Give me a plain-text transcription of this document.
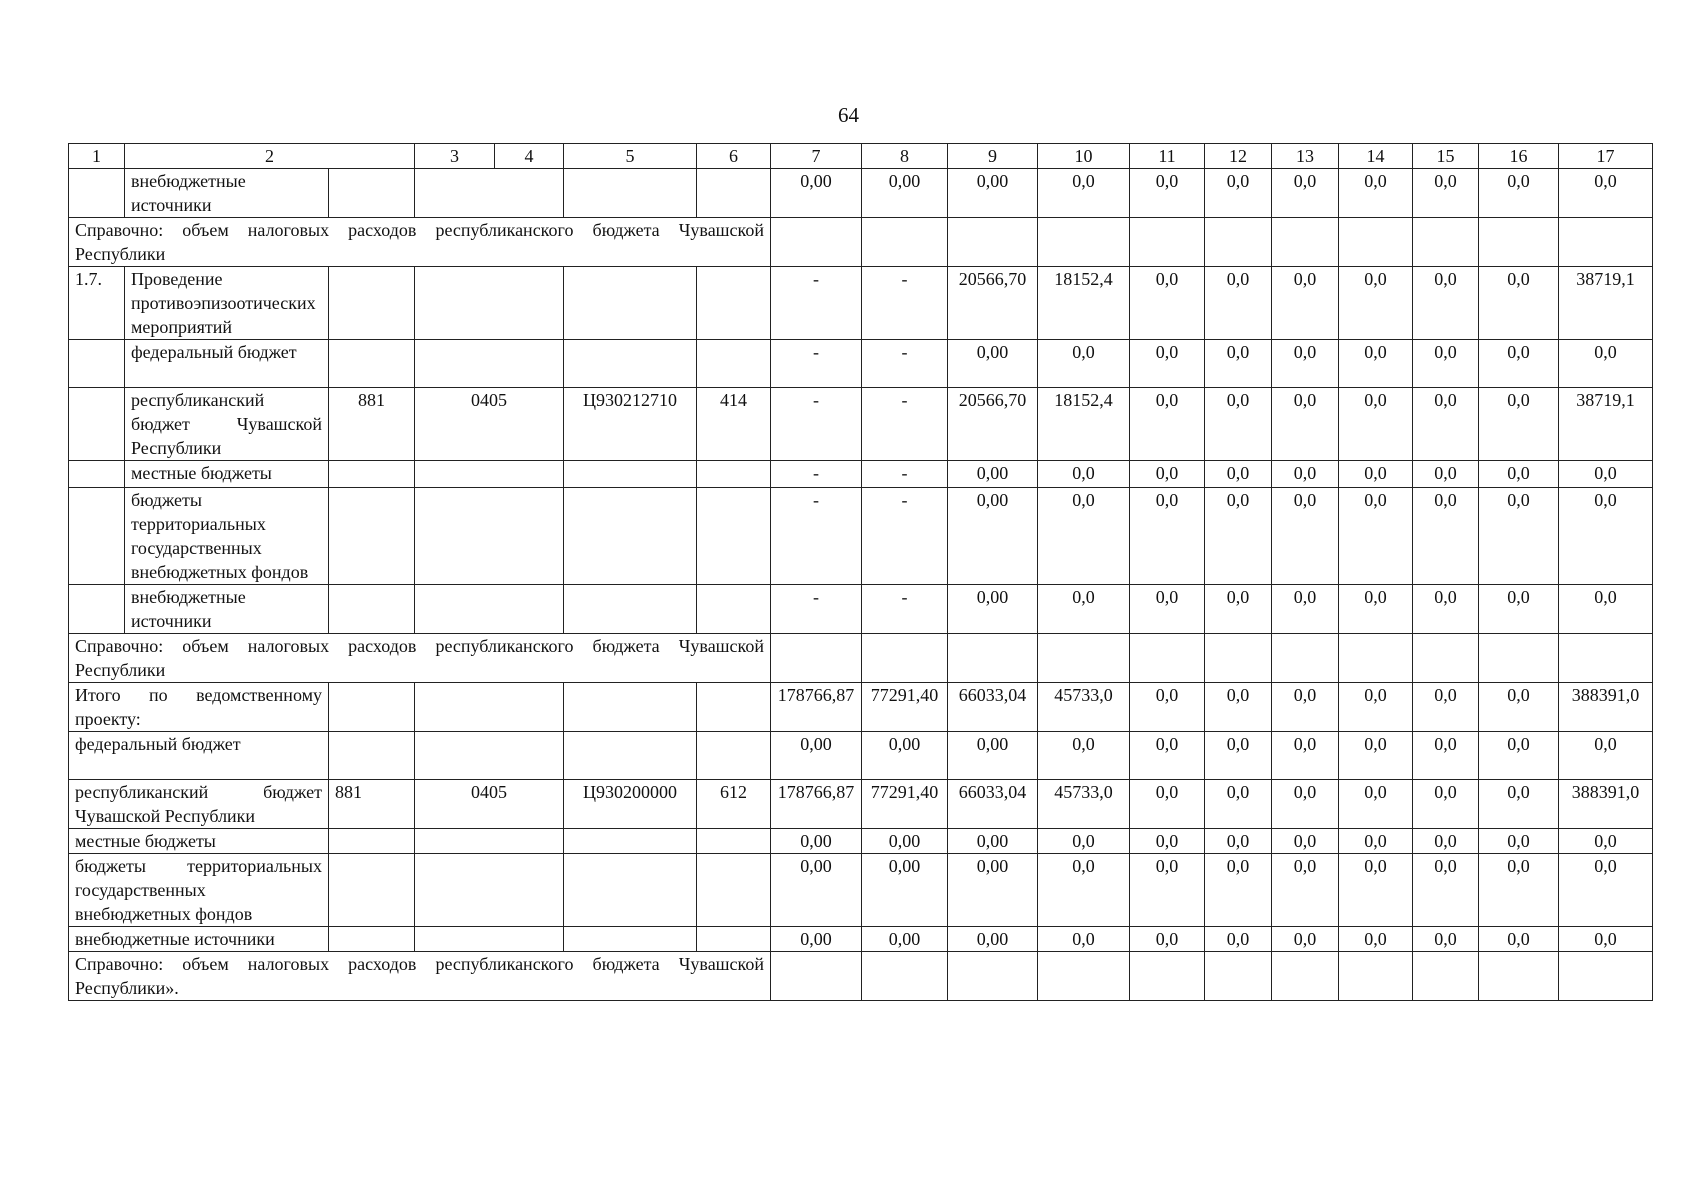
64
1	2		3 4	5	6	7	8	9	10	11	12	13	14	15	16	17
	внебюджетные источники					0,00	0,00	0,00	0,0	0,0	0,0	0,0	0,0	0,0	0,0	0,0
Справочно: объем налоговых расходов республиканского бюджета Чувашской Республики																
1.7.	Проведение противоэпизоотических мероприятий					-	-	20566,70	18152,4	0,0	0,0	0,0	0,0	0,0	0,0	38719,1
	федеральный бюджет					-	-	0,00	0,0	0,0	0,0	0,0	0,0	0,0	0,0	0,0
	республиканский бюджет Чувашской Республики	881	0405	Ц930212710	414	-	-	20566,70	18152,4	0,0	0,0	0,0	0,0	0,0	0,0	38719,1
	местные бюджеты					-	-	0,00	0,0	0,0	0,0	0,0	0,0	0,0	0,0	0,0
	бюджеты территориальных государственных внебюджетных фондов					-	-	0,00	0,0	0,0	0,0	0,0	0,0	0,0	0,0	0,0
	внебюджетные источники					-	-	0,00	0,0	0,0	0,0	0,0	0,0	0,0	0,0	0,0
Справочно: объем налоговых расходов республиканского бюджета Чувашской Республики																
Итого по ведомственному проекту:						178766,87	77291,40	66033,04	45733,0	0,0	0,0	0,0	0,0	0,0	0,0	388391,0
федеральный бюджет						0,00	0,00	0,00	0,0	0,0	0,0	0,0	0,0	0,0	0,0	0,0
республиканский бюджет Чувашской Республики		881	0405	Ц930200000	612	178766,87	77291,40	66033,04	45733,0	0,0	0,0	0,0	0,0	0,0	0,0	388391,0
местные бюджеты						0,00	0,00	0,00	0,0	0,0	0,0	0,0	0,0	0,0	0,0	0,0
бюджеты территориальных государственных внебюджетных фондов						0,00	0,00	0,00	0,0	0,0	0,0	0,0	0,0	0,0	0,0	0,0
внебюджетные источники						0,00	0,00	0,00	0,0	0,0	0,0	0,0	0,0	0,0	0,0	0,0
Справочно: объем налоговых расходов республиканского бюджета Чувашской Республики».																
